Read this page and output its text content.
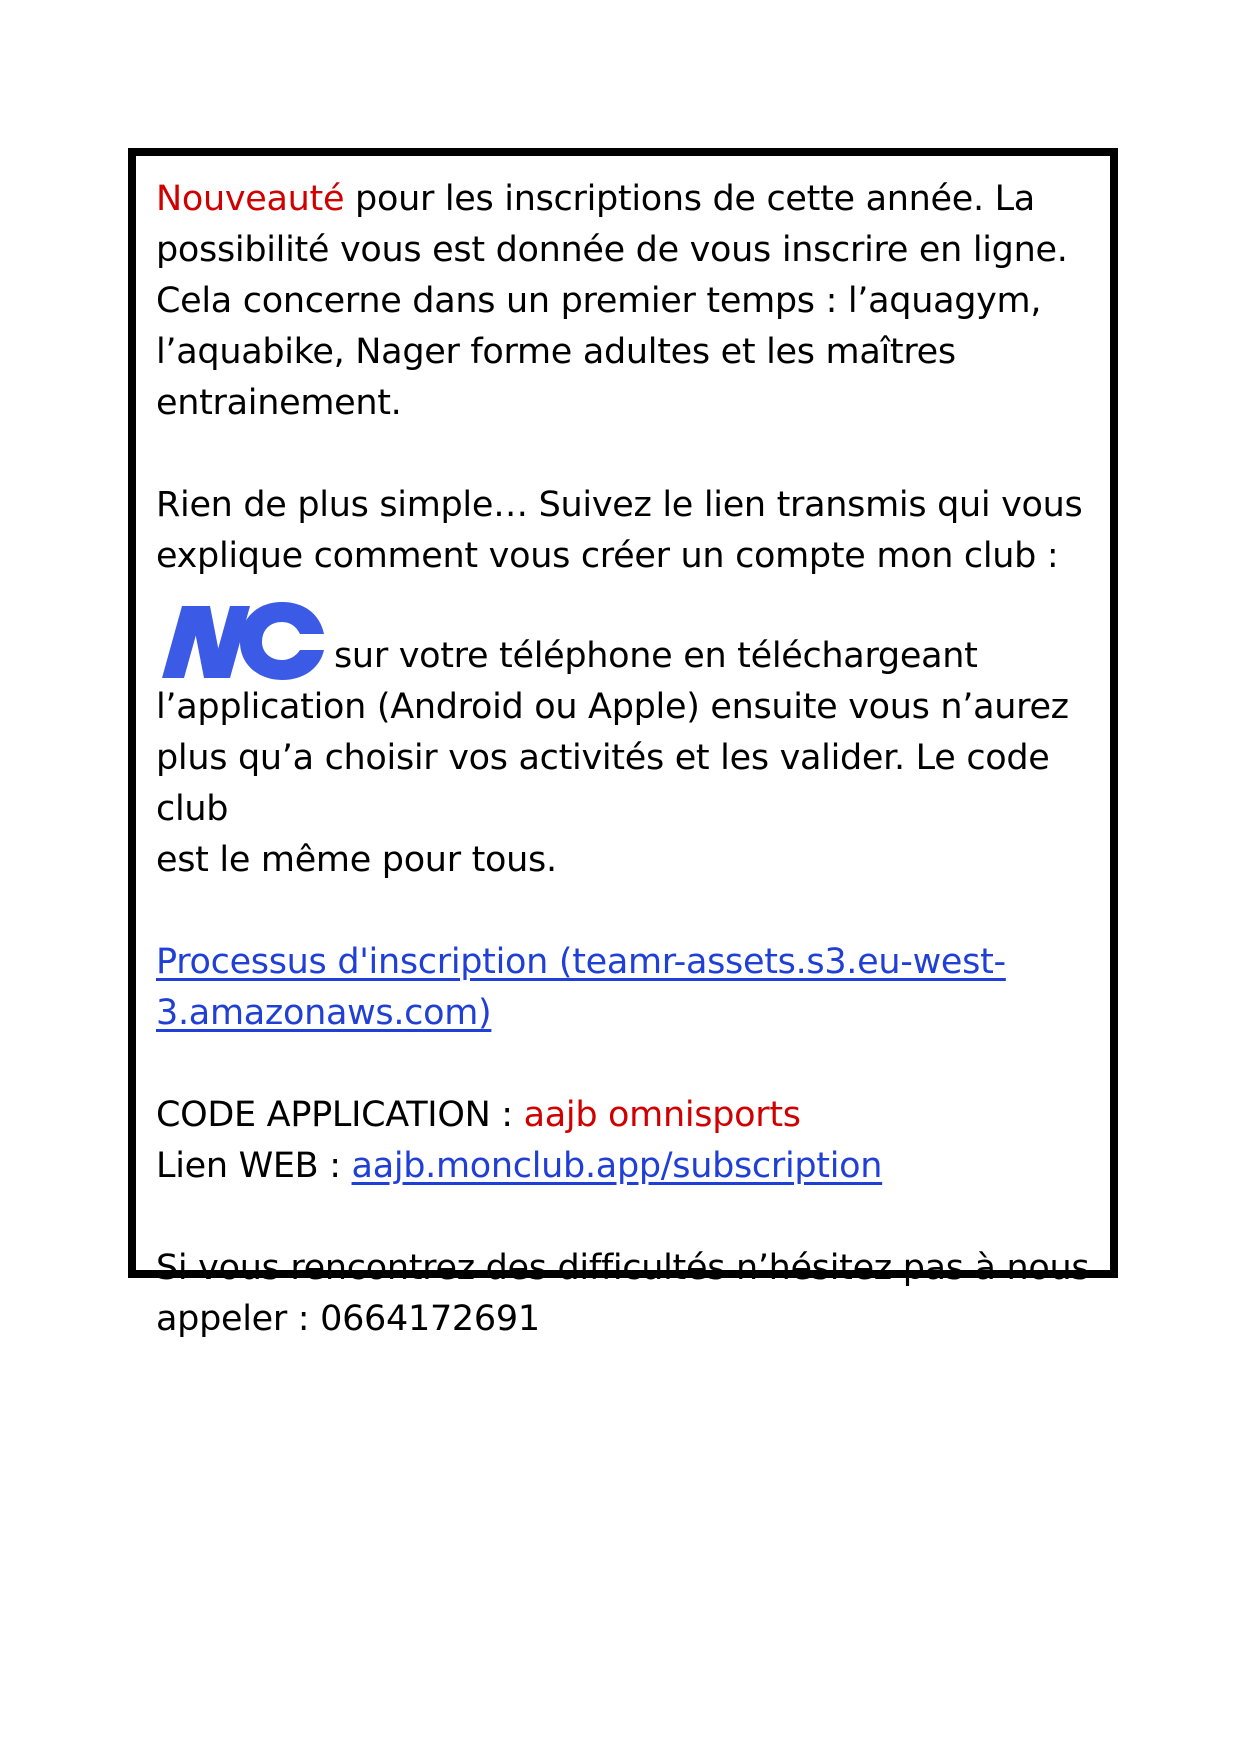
Nouveauté pour les inscriptions de cette année. La
possibilité vous est donnée de vous inscrire en ligne.
Cela concerne dans un premier temps : l’aquagym,
l’aquabike, Nager forme adultes et les maîtres
entrainement.
Rien de plus simple… Suivez le lien transmis qui vous
explique comment vous créer un compte mon club :
sur votre téléphone en téléchargeant
l’application (Android ou Apple) ensuite vous n’aurez
plus qu’a choisir vos activités et les valider. Le code club
est le même pour tous.
Processus d'inscription (teamr-assets.s3.eu-west-
3.amazonaws.com)
CODE APPLICATION : aajb omnisports
Lien WEB : aajb.monclub.app/subscription
Si vous rencontrez des difficultés n’hésitez pas à nous
appeler : 0664172691
